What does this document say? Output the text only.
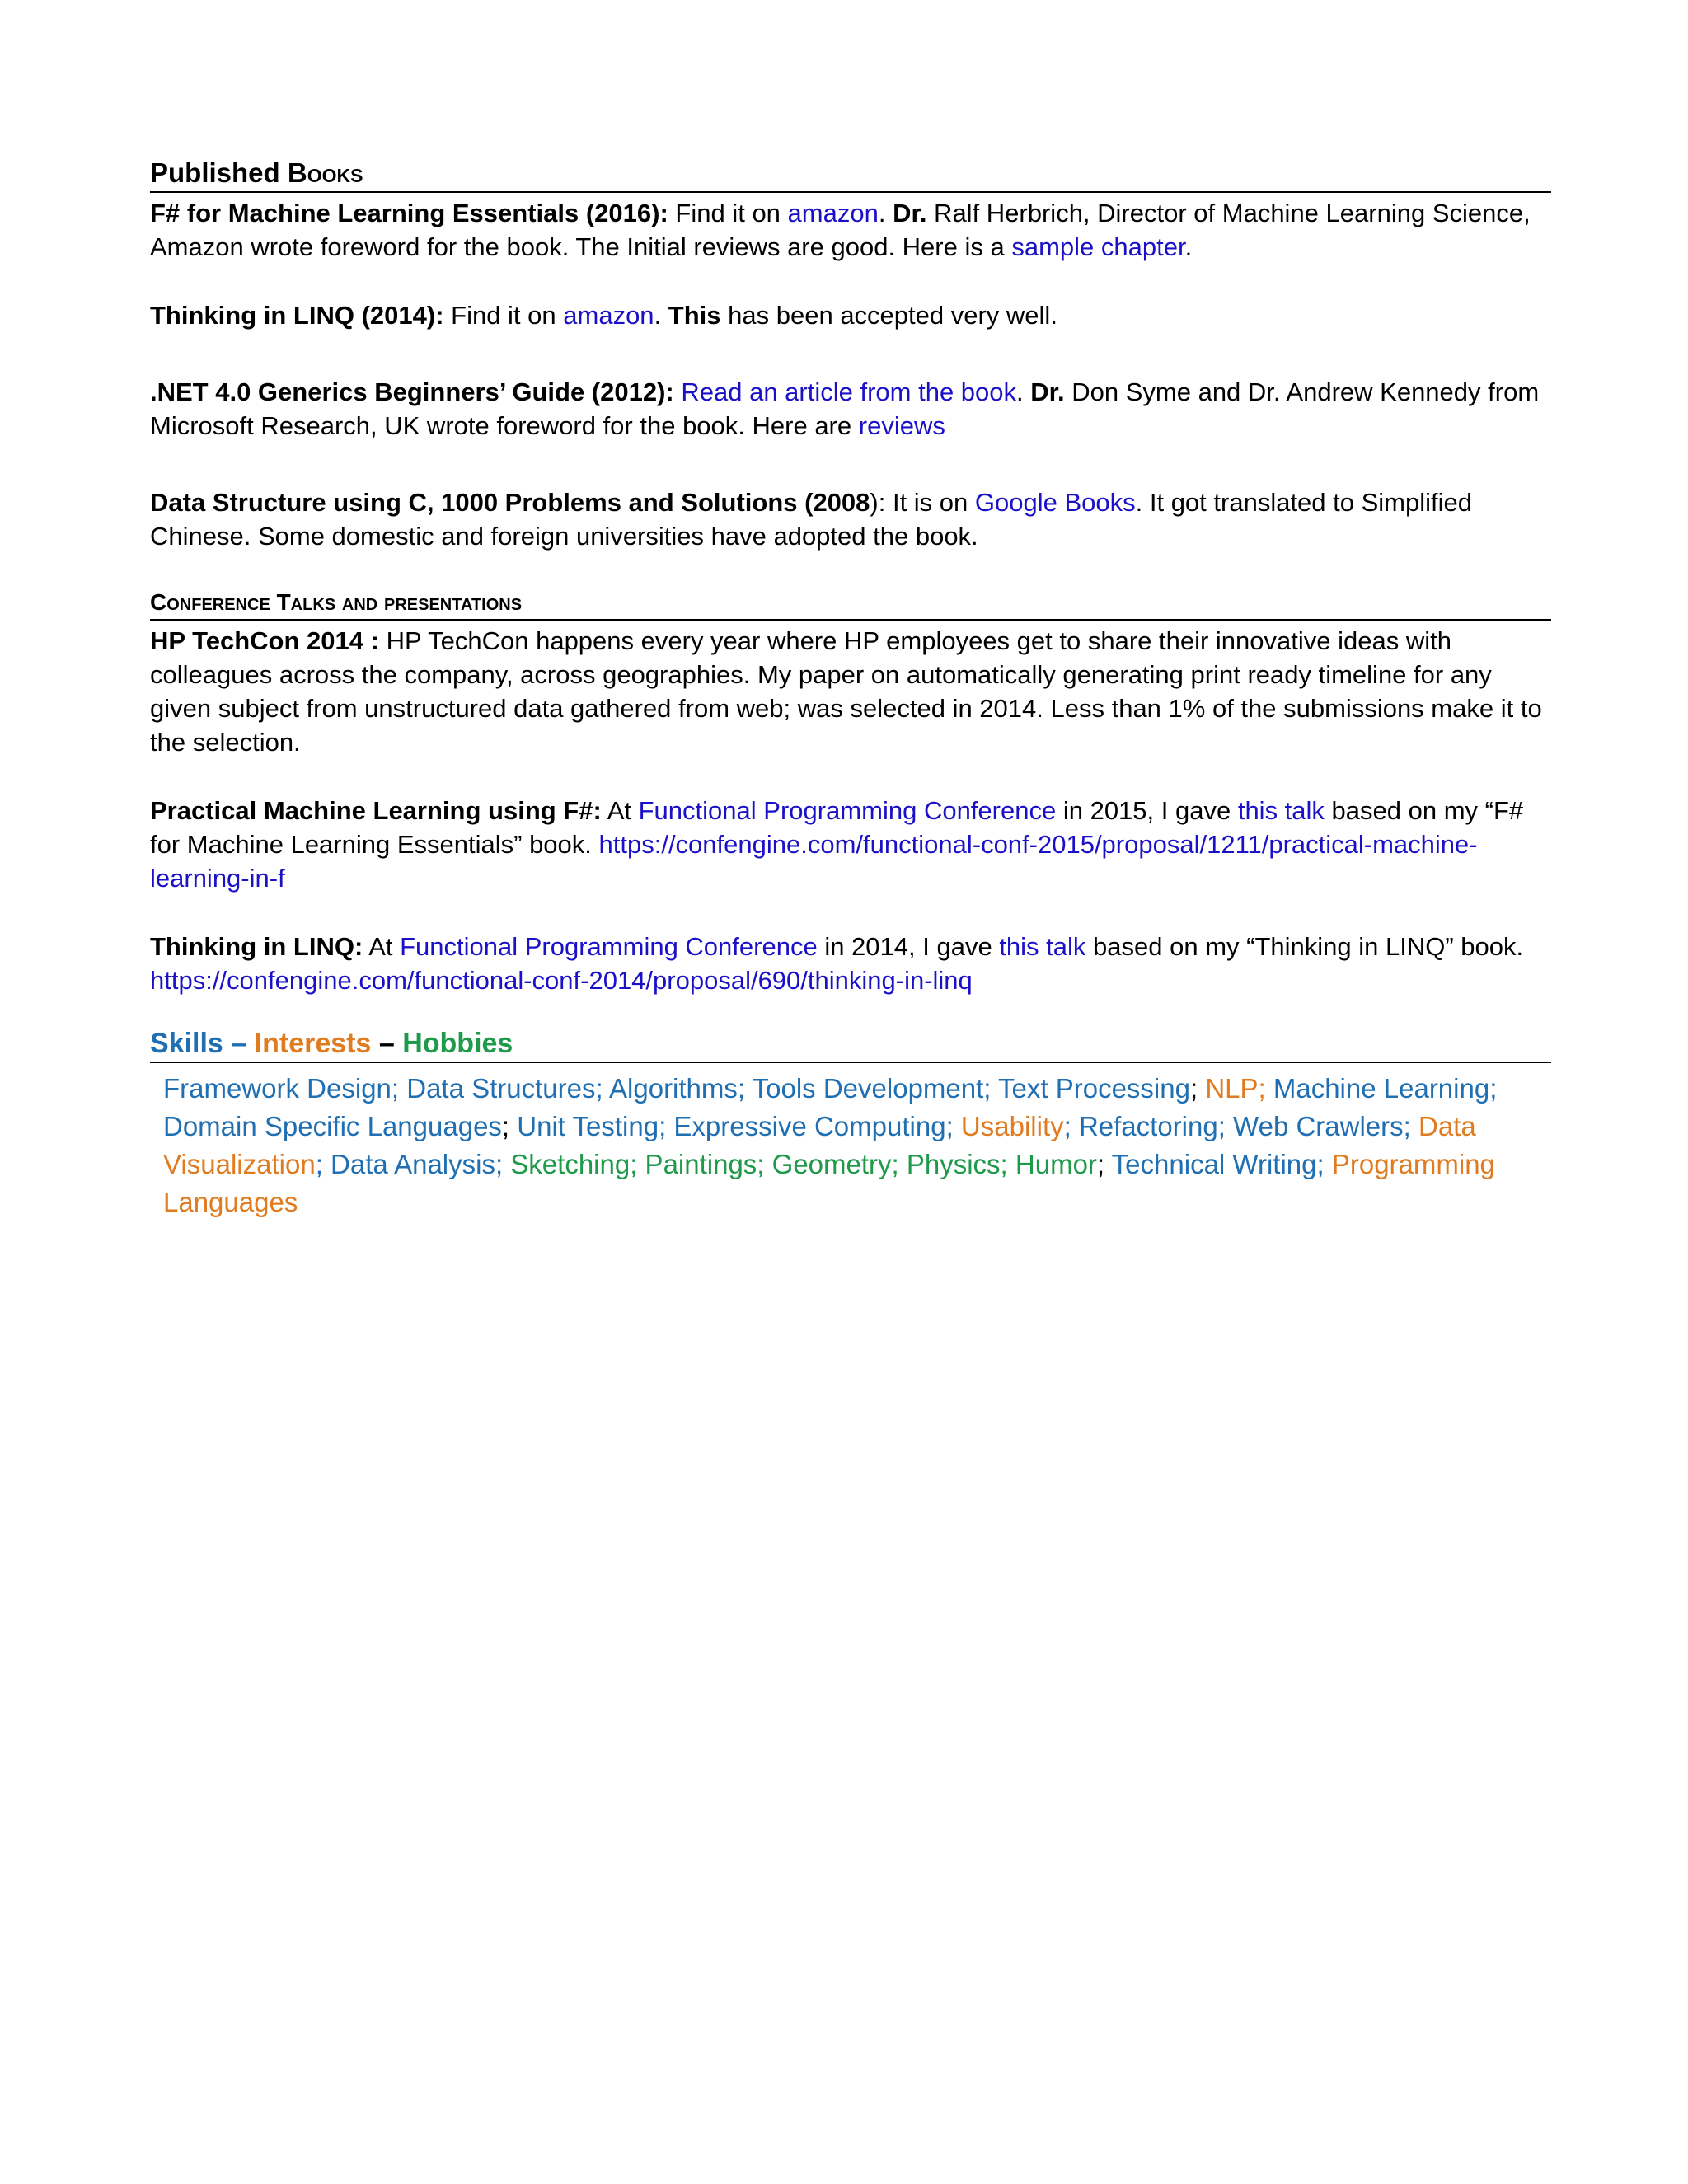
Published Books

F# for Machine Learning Essentials (2016): Find it on amazon. Dr. Ralf Herbrich, Director of Machine Learning Science, Amazon wrote foreword for the book. The Initial reviews are good. Here is a sample chapter.

Thinking in LINQ (2014): Find it on amazon. This has been accepted very well.

.NET 4.0 Generics Beginners’ Guide (2012): Read an article from the book. Dr. Don Syme and Dr. Andrew Kennedy from Microsoft Research, UK wrote foreword for the book. Here are reviews

Data Structure using C, 1000 Problems and Solutions (2008): It is on Google Books. It got translated to Simplified Chinese. Some domestic and foreign universities have adopted the book.

Conference Talks and presentations

HP TechCon 2014 : HP TechCon happens every year where HP employees get to share their innovative ideas with colleagues across the company, across geographies. My paper on automatically generating print ready timeline for any given subject from unstructured data gathered from web; was selected in 2014. Less than 1% of the submissions make it to the selection.

Practical Machine Learning using F#: At Functional Programming Conference in 2015, I gave this talk based on my “F# for Machine Learning Essentials” book. https://confengine.com/functional-conf-2015/proposal/1211/practical-machine-learning-in-f

Thinking in LINQ: At Functional Programming Conference in 2014, I gave this talk based on my “Thinking in LINQ” book. https://confengine.com/functional-conf-2014/proposal/690/thinking-in-linq

Skills – Interests – Hobbies
Framework Design; Data Structures; Algorithms; Tools Development; Text Processing; NLP; Machine Learning; Domain Specific Languages; Unit Testing; Expressive Computing; Usability; Refactoring; Web Crawlers; Data Visualization; Data Analysis; Sketching; Paintings; Geometry; Physics; Humor; Technical Writing; Programming Languages
